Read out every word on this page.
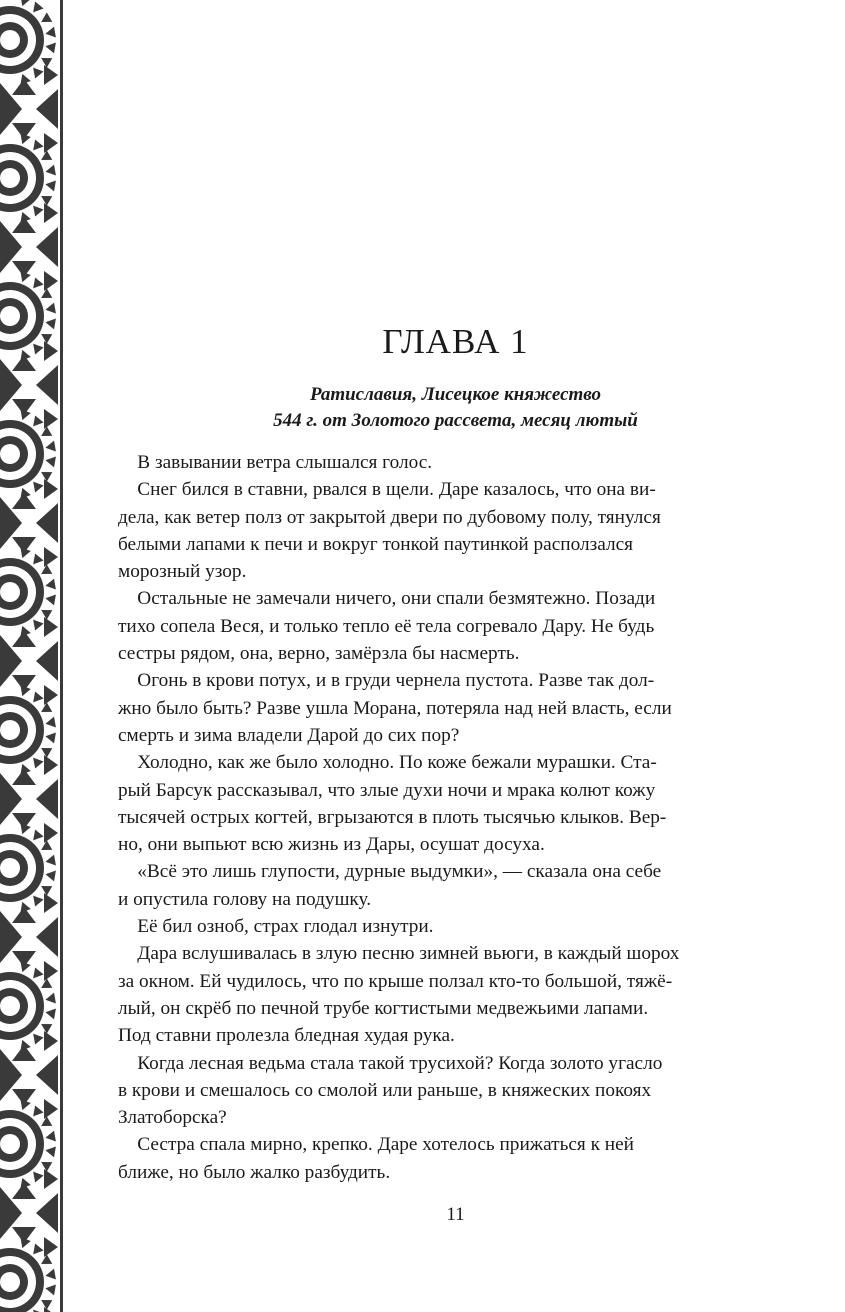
ГЛАВА 1
Ратиславия, Лисецкое княжество
544 г. от Золотого рассвета, месяц лютый

В завывании ветра слышался голос.

Снег бился в ставни, рвался в щели. Даре казалось, что она ви-

дела, как ветер полз от закрытой двери по дубовому полу, тянулся

белыми лапами к печи и вокруг тонкой паутинкой расползался

морозный узор.

Остальные не замечали ничего, они спали безмятежно. Позади

тихо сопела Веся, и только тепло её тела согревало Дару. Не будь

сестры рядом, она, верно, замёрзла бы насмерть.

Огонь в крови потух, и в груди чернела пустота. Разве так дол-

жно было быть? Разве ушла Морана, потеряла над ней власть, если

смерть и зима владели Дарой до сих пор?

Холодно, как же было холодно. По коже бежали мурашки. Ста-

рый Барсук рассказывал, что злые духи ночи и мрака колют кожу

тысячей острых когтей, вгрызаются в плоть тысячью клыков. Вер-

но, они выпьют всю жизнь из Дары, осушат досуха.

«Всё это лишь глупости, дурные выдумки», — сказала она себе

и опустила голову на подушку.

Её бил озноб, страх глодал изнутри.

Дара вслушивалась в злую песню зимней вьюги, в каждый шорох

за окном. Ей чудилось, что по крыше ползал кто-то большой, тяжё-

лый, он скрёб по печной трубе когтистыми медвежьими лапами.

Под ставни пролезла бледная худая рука.

Когда лесная ведьма стала такой трусихой? Когда золото угасло

в крови и смешалось со смолой или раньше, в княжеских покоях

Златоборска?

Сестра спала мирно, крепко. Даре хотелось прижаться к ней

ближе, но было жалко разбудить.

11
